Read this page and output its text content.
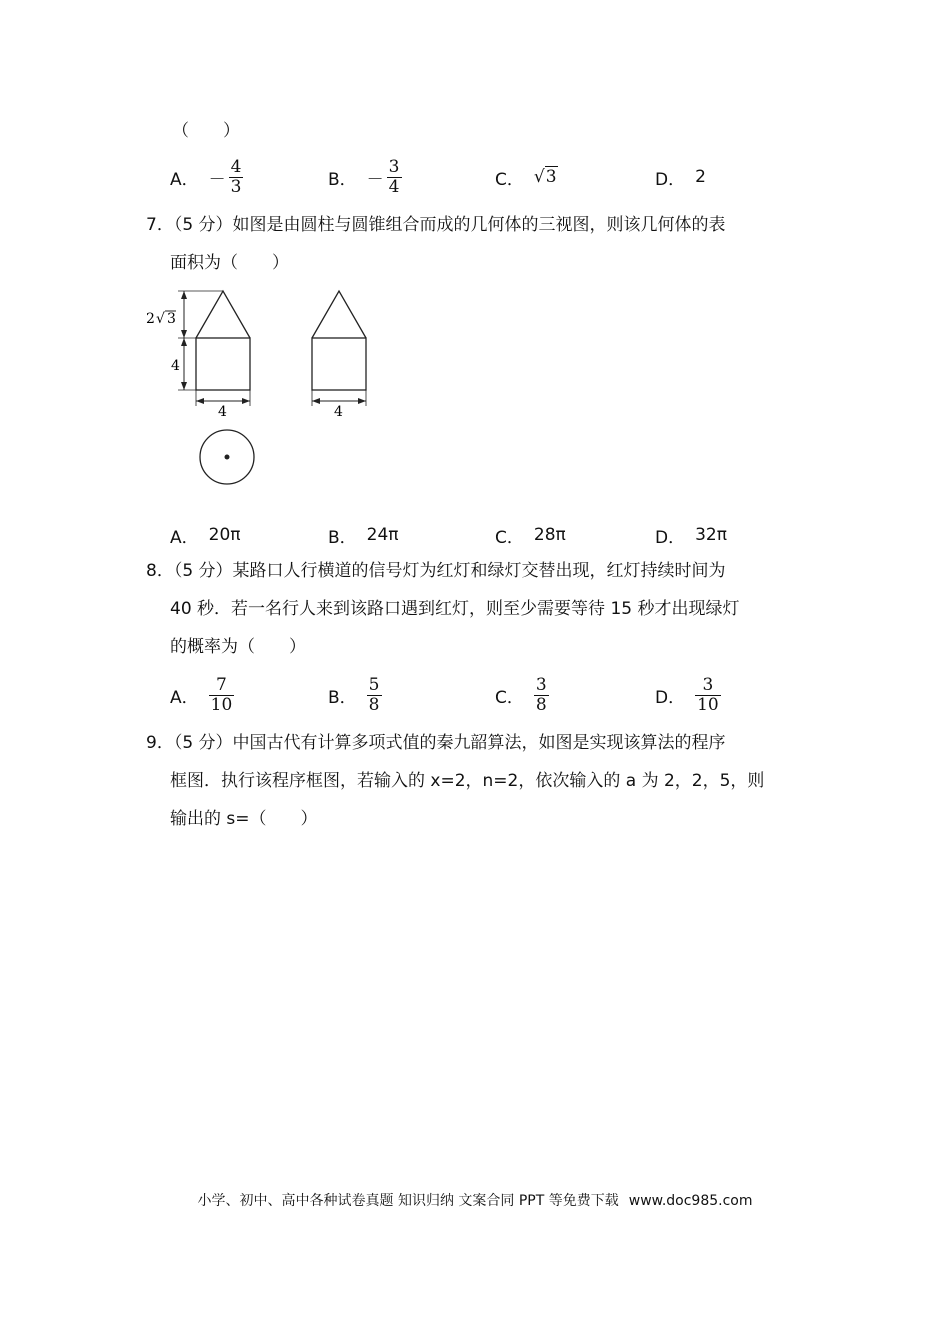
（　　）
A． － $\frac{4}{3}$	B． － $\frac{3}{4}$	C． √3	D． 2
7．（5 分）如图是由圆柱与圆锥组合而成的几何体的三视图，则该几何体的表
面积为（　　）
2 √ 3
4
4	4
A． 20π	B． 24π	C． 28π	D． 32π
8．（5 分）某路口人行横道的信号灯为红灯和绿灯交替出现，红灯持续时间为
40 秒．若一名行人来到该路口遇到红灯，则至少需要等待 15 秒才出现绿灯
的概率为（　　）
A． $\frac{7}{10}$	B． $\frac{5}{8}$	C． $\frac{3}{8}$	D． $\frac{3}{10}$
9．（5 分）中国古代有计算多项式值的秦九韶算法，如图是实现该算法的程序
框图．执行该程序框图，若输入的 x=2，n=2，依次输入的 a 为 2，2，5，则
输出的 s=（　　）
小学、初中、高中各种试卷真题 知识归纳 文案合同 PPT 等免费下载 www.doc985.com
